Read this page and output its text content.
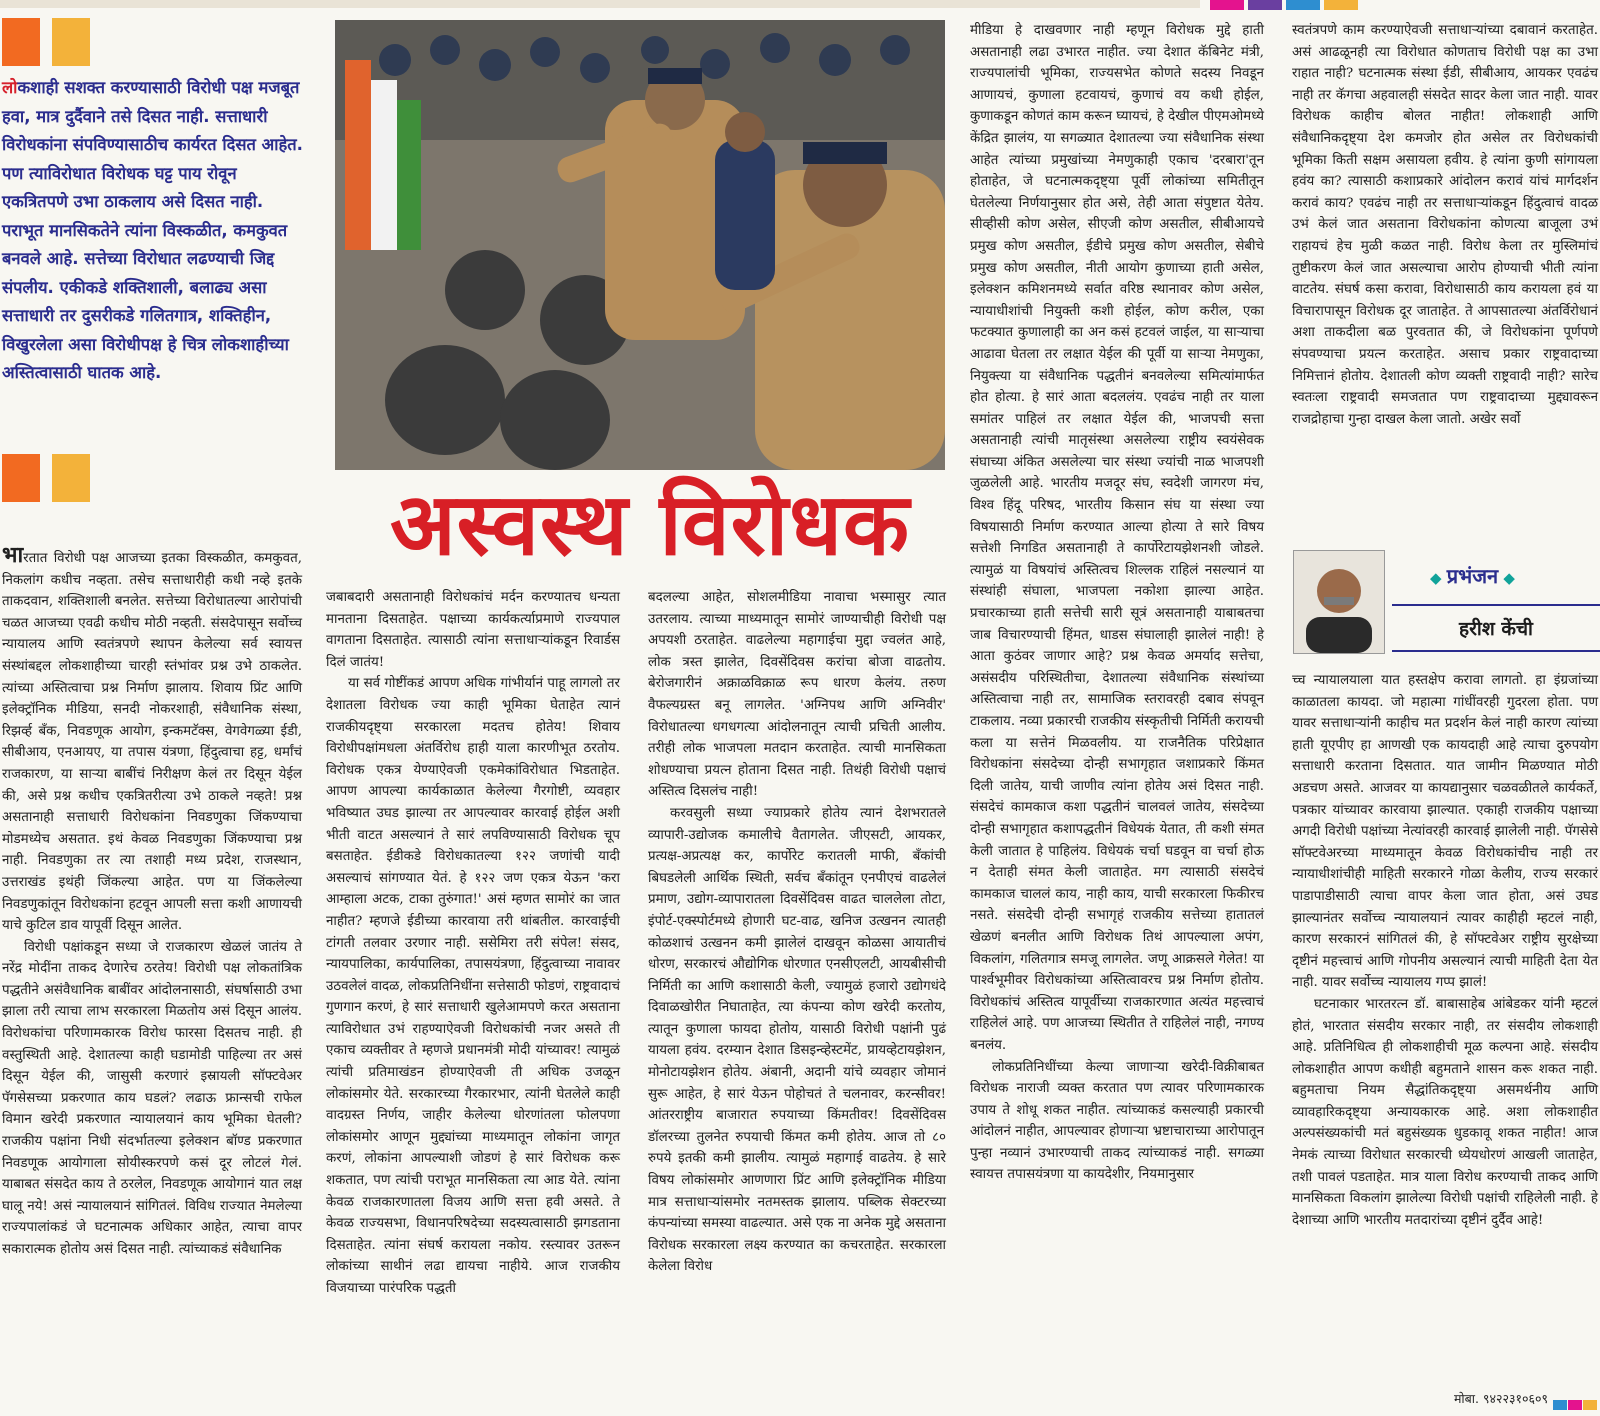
लोकशाही सशक्त करण्यासाठी विरोधी पक्ष मजबूत हवा, मात्र दुर्दैवाने तसे दिसत नाही. सत्ताधारी विरोधकांना संपविण्यासाठीच कार्यरत दिसत आहेत. पण त्याविरोधात विरोधक घट्ट पाय रोवून एकत्रितपणे उभा ठाकलाय असे दिसत नाही. पराभूत मानसिकतेने त्यांना विस्कळीत, कमकुवत बनवले आहे. सत्तेच्या विरोधात लढण्याची जिद्द संपलीय. एकीकडे शक्तिशाली, बलाढ्य असा सत्ताधारी तर दुसरीकडे गलितगात्र, शक्तिहीन, विखुरलेला असा विरोधीपक्ष हे चित्र लोकशाहीच्या अस्तित्वासाठी घातक आहे.
अस्वस्थ विरोधक

भारतात विरोधी पक्ष आजच्या इतका विस्कळीत, कमकुवत, निकलांग कधीच नव्हता. तसेच सत्ताधारीही कधी नव्हे इतके ताकदवान, शक्तिशाली बनलेत. सत्तेच्या विरोधातल्या आरोपांची चळत आजच्या एवढी कधीच मोठी नव्हती. संसदेपासून सर्वोच्च न्यायालय आणि स्वतंत्रपणे स्थापन केलेल्या सर्व स्वायत्त संस्थांबद्दल लोकशाहीच्या चारही स्तंभांवर प्रश्न उभे ठाकलेत. त्यांच्या अस्तित्वाचा प्रश्न निर्माण झालाय. शिवाय प्रिंट आणि इलेक्ट्रॉनिक मीडिया, सनदी नोकरशाही, संवैधानिक संस्था, रिझर्व्ह बँक, निवडणूक आयोग, इन्कमटॅक्स, वेगवेगळ्या ईडी, सीबीआय, एनआयए, या तपास यंत्रणा, हिंदुत्वाचा हट्ट, धर्मांचं राजकारण, या साऱ्या बाबींचं निरीक्षण केलं तर दिसून येईल की, असे प्रश्न कधीच एकत्रितरीत्या उभे ठाकले नव्हते! प्रश्न असतानाही सत्ताधारी विरोधकांना निवडणुका जिंकण्याचा मोडमध्येच असतात. इथं केवळ निवडणुका जिंकण्याचा प्रश्न नाही. निवडणुका तर त्या तशाही मध्य प्रदेश, राजस्थान, उत्तराखंड इथंही जिंकल्या आहेत. पण या जिंकलेल्या निवडणुकांतून विरोधकांना हटवून आपली सत्ता कशी आणायची याचे कुटिल डाव यापूर्वी दिसून आलेत.

विरोधी पक्षांकडून सध्या जे राजकारण खेळलं जातंय ते नरेंद्र मोदींना ताकद देणारेच ठरतेय! विरोधी पक्ष लोकतांत्रिक पद्धतीने असंवैधानिक बाबींवर आंदोलनासाठी, संघर्षासाठी उभा झाला तरी त्याचा लाभ सरकारला मिळतोय असं दिसून आलंय. विरोधकांचा परिणामकारक विरोध फारसा दिसतच नाही. ही वस्तुस्थिती आहे. देशातल्या काही घडामोडी पाहिल्या तर असं दिसून येईल की, जासुसी करणारं इस्रायली सॉफ्टवेअर पॅगसेसच्या प्रकरणात काय घडलं? लढाऊ फ्रान्सची राफेल विमान खरेदी प्रकरणात न्यायालयानं काय भूमिका घेतली? राजकीय पक्षांना निधी संदर्भातल्या इलेक्शन बॉण्ड प्रकरणात निवडणूक आयोगाला सोयीस्करपणे कसं दूर लोटलं गेलं. याबाबत संसदेत काय ते ठरलेल, निवडणूक आयोगानं यात लक्ष घालू नये! असं न्यायालयानं सांगितलं. विविध राज्यात नेमलेल्या राज्यपालांकडं जे घटनात्मक अधिकार आहेत, त्याचा वापर सकारात्मक होतोय असं दिसत नाही. त्यांच्याकडं संवैधानिक

जबाबदारी असतानाही विरोधकांचं मर्दन करण्यातच धन्यता मानताना दिसताहेत. पक्षाच्या कार्यकर्त्याप्रमाणे राज्यपाल वागताना दिसताहेत. त्यासाठी त्यांना सत्ताधाऱ्यांकडून रिवार्डस दिलं जातंय!

या सर्व गोष्टींकडं आपण अधिक गांभीर्यानं पाहू लागलो तर देशातला विरोधक ज्या काही भूमिका घेताहेत त्यानं राजकीयदृष्ट्या सरकारला मदतच होतेय! शिवाय विरोधीपक्षांमधला अंतर्विरोध हाही याला कारणीभूत ठरतोय. विरोधक एकत्र येण्याऐवजी एकमेकांविरोधात भिडताहेत. आपण आपल्या कार्यकाळात केलेल्या गैरगोष्टी, व्यवहार भविष्यात उघड झाल्या तर आपल्यावर कारवाई होईल अशी भीती वाटत असल्यानं ते सारं लपविण्यासाठी विरोधक चूप बसताहेत. ईडीकडे विरोधकातल्या १२२ जणांची यादी असल्याचं सांगण्यात येतं. हे १२२ जण एकत्र येऊन 'करा आम्हाला अटक, टाका तुरुंगात!' असं म्हणत सामोरं का जात नाहीत? म्हणजे ईडीच्या कारवाया तरी थांबतील. कारवाईची टांगती तलवार उरणार नाही. ससेमिरा तरी संपेल! संसद, न्यायपालिका, कार्यपालिका, तपासयंत्रणा, हिंदुत्वाच्या नावावर उठवलेलं वादळ, लोकप्रतिनिधींना सत्तेसाठी फोडणं, राष्ट्रवादाचं गुणगान करणं, हे सारं सत्ताधारी खुलेआमपणे करत असताना त्याविरोधात उभं राहण्याऐवजी विरोधकांची नजर असते ती एकाच व्यक्तीवर ते म्हणजे प्रधानमंत्री मोदी यांच्यावर! त्यामुळं त्यांची प्रतिमाखंडन होण्याऐवजी ती अधिक उजळून लोकांसमोर येते. सरकारच्या गैरकारभार, त्यांनी घेतलेले काही वादग्रस्त निर्णय, जाहीर केलेल्या धोरणांतला फोलपणा लोकांसमोर आणून मुद्द्यांच्या माध्यमातून लोकांना जागृत करणं, लोकांना आपल्याशी जोडणं हे सारं विरोधक करू शकतात, पण त्यांची पराभूत मानसिकता त्या आड येते. त्यांना केवळ राजकारणातला विजय आणि सत्ता हवी असते. ते केवळ राज्यसभा, विधानपरिषदेच्या सदस्यत्वासाठी झगडताना दिसताहेत. त्यांना संघर्ष करायला नकोय. रस्त्यावर उतरून लोकांच्या साथीनं लढा द्यायचा नाहीये. आज राजकीय विजयाच्या पारंपरिक पद्धती

बदलल्या आहेत, सोशलमीडिया नावाचा भस्मासुर त्यात उतरलाय. त्याच्या माध्यमातून सामोरं जाण्याचीही विरोधी पक्ष अपयशी ठरताहेत. वाढलेल्या महागाईचा मुद्दा ज्वलंत आहे, लोक त्रस्त झालेत, दिवसेंदिवस करांचा बोजा वाढतोय. बेरोजगारीनं अक्राळविक्राळ रूप धारण केलंय. तरुण वैफल्यग्रस्त बनू लागलेत. 'अग्निपथ आणि अग्निवीर' विरोधातल्या धगधगत्या आंदोलनातून त्याची प्रचिती आलीय. तरीही लोक भाजपला मतदान करताहेत. त्याची मानसिकता शोधण्याचा प्रयत्न होताना दिसत नाही. तिथंही विरोधी पक्षाचं अस्तित्व दिसलंच नाही!

करवसुली सध्या ज्याप्रकारे होतेय त्यानं देशभरातले व्यापारी-उद्योजक कमालीचे वैतागलेत. जीएसटी, आयकर, प्रत्यक्ष-अप्रत्यक्ष कर, कार्पोरेट करातली माफी, बँकांची बिघडलेली आर्थिक स्थिती, सर्वच बँकांतून एनपीएचं वाढलेलं प्रमाण, उद्योग-व्यापारातला दिवसेंदिवस वाढत चाललेला तोटा, इंपोर्ट-एक्स्पोर्टमध्ये होणारी घट-वाढ, खनिज उत्खनन त्यातही कोळशाचं उत्खनन कमी झालेलं दाखवून कोळसा आयातीचं धोरण, सरकारचं औद्योगिक धोरणात एनसीएलटी, आयबीसीची निर्मिती का आणि कशासाठी केली, ज्यामुळं हजारो उद्योगधंदे दिवाळखोरीत निघाताहेत, त्या कंपन्या कोण खरेदी करतोय, त्यातून कुणाला फायदा होतोय, यासाठी विरोधी पक्षांनी पुढं यायला हवंय. दरम्यान देशात डिसइन्व्हेस्टमेंट, प्रायव्हेटायझेशन, मोनोटायझेशन होतेय. अंबानी, अदानी यांचे व्यवहार जोमानं सुरू आहेत, हे सारं येऊन पोहोचतं ते चलनावर, करन्सीवर! आंतरराष्ट्रीय बाजारात रुपयाच्या किंमतीवर! दिवसेंदिवस डॉलरच्या तुलनेत रुपयाची किंमत कमी होतेय. आज तो ८० रुपये इतकी कमी झालीय. त्यामुळं महागाई वाढतेय. हे सारे विषय लोकांसमोर आणणारा प्रिंट आणि इलेक्ट्रॉनिक मीडिया मात्र सत्ताधाऱ्यांसमोर नतमस्तक झालाय. पब्लिक सेक्टरच्या कंपन्यांच्या समस्या वाढल्यात. असे एक ना अनेक मुद्दे असताना विरोधक सरकारला लक्ष्य करण्यात का कचरताहेत. सरकारला केलेला विरोध

मीडिया हे दाखवणार नाही म्हणून विरोधक मुद्दे हाती असतानाही लढा उभारत नाहीत. ज्या देशात कॅबिनेट मंत्री, राज्यपालांची भूमिका, राज्यसभेत कोणते सदस्य निवडून आणायचं, कुणाला हटवायचं, कुणाचं वय कधी होईल, कुणाकडून कोणतं काम करून घ्यायचं, हे देखील पीएमओमध्ये केंद्रित झालंय, या सगळ्यात देशातल्या ज्या संवैधानिक संस्था आहेत त्यांच्या प्रमुखांच्या नेमणुकाही एकाच 'दरबारा'तून होताहेत, जे घटनात्मकदृष्ट्या पूर्वी लोकांच्या समितीतून घेतलेल्या निर्णयानुसार होत असे, तेही आता संपुष्टात येतेय. सीव्हीसी कोण असेल, सीएजी कोण असतील, सीबीआयचे प्रमुख कोण असतील, ईडीचे प्रमुख कोण असतील, सेबीचे प्रमुख कोण असतील, नीती आयोग कुणाच्या हाती असेल, इलेक्शन कमिशनमध्ये सर्वात वरिष्ठ स्थानावर कोण असेल, न्यायाधीशांची नियुक्ती कशी होईल, कोण करील, एका फटक्यात कुणालाही का अन कसं हटवलं जाईल, या साऱ्याचा आढावा घेतला तर लक्षात येईल की पूर्वी या साऱ्या नेमणुका, नियुक्त्या या संवैधानिक पद्धतीनं बनवलेल्या समित्यांमार्फत होत होत्या. हे सारं आता बदललंय. एवढंच नाही तर याला समांतर पाहिलं तर लक्षात येईल की, भाजपची सत्ता असतानाही त्यांची मातृसंस्था असलेल्या राष्ट्रीय स्वयंसेवक संघाच्या अंकित असलेल्या चार संस्था ज्यांची नाळ भाजपशी जुळलेली आहे. भारतीय मजदूर संघ, स्वदेशी जागरण मंच, विश्व हिंदू परिषद, भारतीय किसान संघ या संस्था ज्या विषयासाठी निर्माण करण्यात आल्या होत्या ते सारे विषय सत्तेशी निगडित असतानाही ते कार्पोरेटायझेशनशी जोडले. त्यामुळं या विषयांचं अस्तित्वच शिल्लक राहिलं नसल्यानं या संस्थांही संघाला, भाजपला नकोशा झाल्या आहेत. प्रचारकाच्या हाती सत्तेची सारी सूत्रं असतानाही याबाबतचा जाब विचारण्याची हिंमत, धाडस संघालाही झालेलं नाही! हे आता कुठंवर जाणार आहे? प्रश्न केवळ अमर्याद सत्तेचा, असंसदीय परिस्थितीचा, देशातल्या संवैधानिक संस्थांच्या अस्तित्वाचा नाही तर, सामाजिक स्तरावरही दबाव संपवून टाकलाय. नव्या प्रकारची राजकीय संस्कृतीची निर्मिती करायची कला या सत्तेनं मिळवलीय. या राजनैतिक परिप्रेक्षात विरोधकांना संसदेच्या दोन्ही सभागृहात जशाप्रकारे किंमत दिली जातेय, याची जाणीव त्यांना होतेय असं दिसत नाही. संसदेचं कामकाज कशा पद्धतीनं चालवलं जातेय, संसदेच्या दोन्ही सभागृहात कशापद्धतीनं विधेयकं येतात, ती कशी संमत केली जातात हे पाहिलंय. विधेयकं चर्चा घडवून वा चर्चा होऊ न देताही संमत केली जाताहेत. मग त्यासाठी संसदेचं कामकाज चाललं काय, नाही काय, याची सरकारला फिकीरच नसते. संसदेची दोन्ही सभागृहं राजकीय सत्तेच्या हातातलं खेळणं बनलीत आणि विरोधक तिथं आपल्याला अपंग, विकलांग, गलितगात्र समजू लागलेत. जणू आक्रसले गेलेत! या पार्श्वभूमीवर विरोधकांच्या अस्तित्वावरच प्रश्न निर्माण होतोय. विरोधकांचं अस्तित्व यापूर्वीच्या राजकारणात अत्यंत महत्त्वाचं राहिलेलं आहे. पण आजच्या स्थितीत ते राहिलेलं नाही, नगण्य बनलंय.

लोकप्रतिनिधींच्या केल्या जाणाऱ्या खरेदी-विक्रीबाबत विरोधक नाराजी व्यक्त करतात पण त्यावर परिणामकारक उपाय ते शोधू शकत नाहीत. त्यांच्याकडं कसल्याही प्रकारची आंदोलनं नाहीत, आपल्यावर होणाऱ्या भ्रष्टाचाराच्या आरोपातून पुन्हा नव्यानं उभारण्याची ताकद त्यांच्याकडं नाही. सगळ्या स्वायत्त तपासयंत्रणा या कायदेशीर, नियमानुसार

स्वतंत्रपणे काम करण्याऐवजी सत्ताधाऱ्यांच्या दबावानं करताहेत. असं आढळूनही त्या विरोधात कोणताच विरोधी पक्ष का उभा राहात नाही? घटनात्मक संस्था ईडी, सीबीआय, आयकर एवढंच नाही तर कॅगचा अहवालही संसदेत सादर केला जात नाही. यावर विरोधक काहीच बोलत नाहीत! लोकशाही आणि संवैधानिकदृष्ट्या देश कमजोर होत असेल तर विरोधकांची भूमिका किती सक्षम असायला हवीय. हे त्यांना कुणी सांगायला हवंय का? त्यासाठी कशाप्रकारे आंदोलन करावं यांचं मार्गदर्शन करावं काय? एवढंच नाही तर सत्ताधाऱ्यांकडून हिंदुत्वाचं वादळ उभं केलं जात असताना विरोधकांना कोणत्या बाजूला उभं राहायचं हेच मुळी कळत नाही. विरोध केला तर मुस्लिमांचं तुष्टीकरण केलं जात असल्याचा आरोप होण्याची भीती त्यांना वाटतेय. संघर्ष कसा करावा, विरोधासाठी काय करायला हवं या विचारापासून विरोधक दूर जाताहेत. ते आपसातल्या अंतर्विरोधानं अशा ताकदीला बळ पुरवतात की, जे विरोधकांना पूर्णपणे संपवण्याचा प्रयत्न करताहेत. असाच प्रकार राष्ट्रवादाच्या निमित्तानं होतोय. देशातली कोण व्यक्ती राष्ट्रवादी नाही? सारेच स्वतःला राष्ट्रवादी समजतात पण राष्ट्रवादाच्या मुद्द्यावरून राजद्रोहाचा गुन्हा दाखल केला जातो. अखेर सर्वो

◆ प्रभंजन ◆
हरीश केंची

च्च न्यायालयाला यात हस्तक्षेप करावा लागतो. हा इंग्रजांच्या काळातला कायदा. जो महात्मा गांधींवरही गुदरला होता. पण यावर सत्ताधाऱ्यांनी काहीच मत प्रदर्शन केलं नाही कारण त्यांच्या हाती यूएपीए हा आणखी एक कायदाही आहे त्याचा दुरुपयोग सत्ताधारी करताना दिसतात. यात जामीन मिळण्यात मोठी अडचण असते. आजवर या कायद्यानुसार चळवळीतले कार्यकर्ते, पत्रकार यांच्यावर कारवाया झाल्यात. एकाही राजकीय पक्षाच्या अगदी विरोधी पक्षांच्या नेत्यांवरही कारवाई झालेली नाही. पॅगसेसे सॉफ्टवेअरच्या माध्यमातून केवळ विरोधकांचीच नाही तर न्यायाधीशांचीही माहिती सरकारने गोळा केलीय, राज्य सरकारं पाडापाडीसाठी त्याचा वापर केला जात होता, असं उघड झाल्यानंतर सर्वोच्च न्यायालयानं त्यावर काहीही म्हटलं नाही, कारण सरकारनं सांगितलं की, हे सॉफ्टवेअर राष्ट्रीय सुरक्षेच्या दृष्टीनं महत्त्वाचं आणि गोपनीय असल्यानं त्याची माहिती देता येत नाही. यावर सर्वोच्च न्यायालय गप्प झालं!

घटनाकार भारतरत्न डॉ. बाबासाहेब आंबेडकर यांनी म्हटलं होतं, भारतात संसदीय सरकार नाही, तर संसदीय लोकशाही आहे. प्रतिनिधित्व ही लोकशाहीची मूळ कल्पना आहे. संसदीय लोकशाहीत आपण कधीही बहुमताने शासन करू शकत नाही. बहुमताचा नियम सैद्धांतिकदृष्ट्या असमर्थनीय आणि व्यावहारिकदृष्ट्या अन्यायकारक आहे. अशा लोकशाहीत अल्पसंख्यकांची मतं बहुसंख्यक धुडकावू शकत नाहीत! आज नेमकं त्याच्या विरोधात सरकारची ध्येयधोरणं आखली जाताहेत, तशी पावलं पडताहेत. मात्र याला विरोध करण्याची ताकद आणि मानसिकता विकलांग झालेल्या विरोधी पक्षांची राहिलेली नाही. हे देशाच्या आणि भारतीय मतदारांच्या दृष्टीनं दुर्दैव आहे!

मोबा. ९४२२३१०६०९
